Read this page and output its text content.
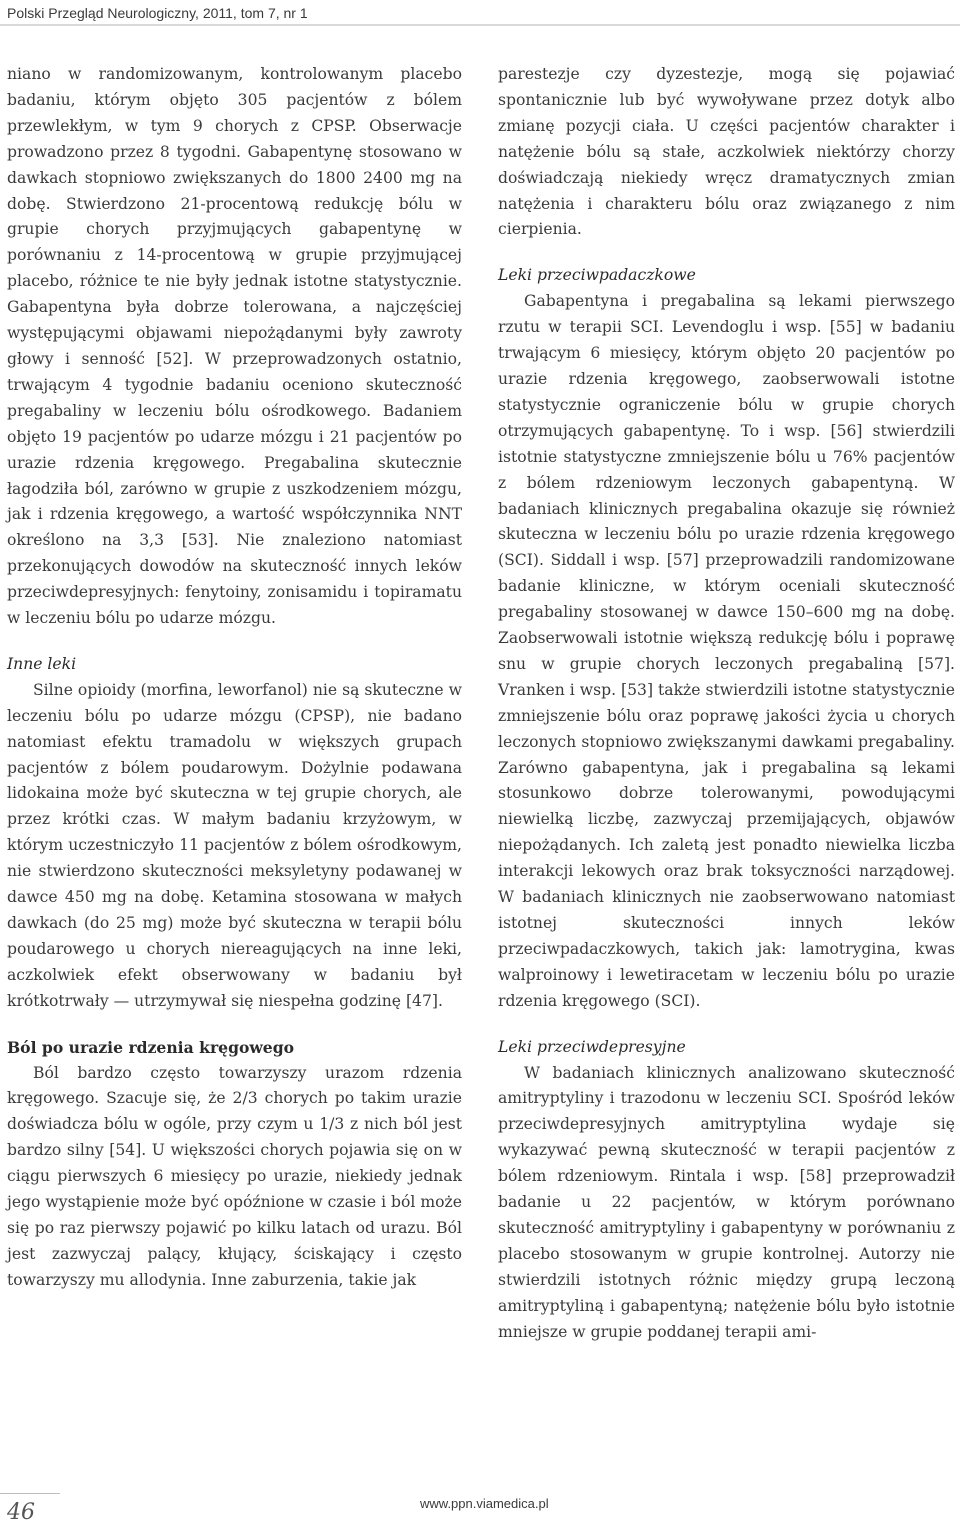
Polski Przegląd Neurologiczny, 2011, tom 7, nr 1

niano w randomizowanym, kontrolowanym placebo badaniu, którym objęto 305 pacjentów z bólem przewlekłym, w tym 9 chorych z CPSP. Obserwacje prowadzono przez 8 tygodni. Gabapentynę stosowano w dawkach stopniowo zwiększanych do 1800 2400 mg na dobę. Stwierdzono 21-procentową redukcję bólu w grupie chorych przyjmujących gabapentynę w porównaniu z 14-procentową w grupie przyjmującej placebo, różnice te nie były jednak istotne statystycznie. Gabapentyna była dobrze tolerowana, a najczęściej występującymi objawami niepożądanymi były zawroty głowy i senność [52]. W przeprowadzonych ostatnio, trwającym 4 tygodnie badaniu oceniono skuteczność pregabaliny w leczeniu bólu ośrodkowego. Badaniem objęto 19 pacjentów po udarze mózgu i 21 pacjentów po urazie rdzenia kręgowego. Pregabalina skutecznie łagodziła ból, zarówno w grupie z uszkodzeniem mózgu, jak i rdzenia kręgowego, a wartość współczynnika NNT określono na 3,3 [53]. Nie znaleziono natomiast przekonujących dowodów na skuteczność innych leków przeciwdepresyjnych: fenytoiny, zonisamidu i topiramatu w leczeniu bólu po udarze mózgu.

Inne leki

Silne opioidy (morfina, leworfanol) nie są skuteczne w leczeniu bólu po udarze mózgu (CPSP), nie badano natomiast efektu tramadolu w większych grupach pacjentów z bólem poudarowym. Dożylnie podawana lidokaina może być skuteczna w tej grupie chorych, ale przez krótki czas. W małym badaniu krzyżowym, w którym uczestniczyło 11 pacjentów z bólem ośrodkowym, nie stwierdzono skuteczności meksyletyny podawanej w dawce 450 mg na dobę. Ketamina stosowana w małych dawkach (do 25 mg) może być skuteczna w terapii bólu poudarowego u chorych niereagujących na inne leki, aczkolwiek efekt obserwowany w badaniu był krótkotrwały — utrzymywał się niespełna godzinę [47].

Ból po urazie rdzenia kręgowego

Ból bardzo często towarzyszy urazom rdzenia kręgowego. Szacuje się, że 2/3 chorych po takim urazie doświadcza bólu w ogóle, przy czym u 1/3 z nich ból jest bardzo silny [54]. U większości chorych pojawia się on w ciągu pierwszych 6 miesięcy po urazie, niekiedy jednak jego wystąpienie może być opóźnione w czasie i ból może się po raz pierwszy pojawić po kilku latach od urazu. Ból jest zazwyczaj palący, kłujący, ściskający i często towarzyszy mu allodynia. Inne zaburzenia, takie jak

parestezje czy dyzestezje, mogą się pojawiać spontanicznie lub być wywoływane przez dotyk albo zmianę pozycji ciała. U części pacjentów charakter i natężenie bólu są stałe, aczkolwiek niektórzy chorzy doświadczają niekiedy wręcz dramatycznych zmian natężenia i charakteru bólu oraz związanego z nim cierpienia.

Leki przeciwpadaczkowe

Gabapentyna i pregabalina są lekami pierwszego rzutu w terapii SCI. Levendoglu i wsp. [55] w badaniu trwającym 6 miesięcy, którym objęto 20 pacjentów po urazie rdzenia kręgowego, zaobserwowali istotne statystycznie ograniczenie bólu w grupie chorych otrzymujących gabapentynę. To i wsp. [56] stwierdzili istotnie statystyczne zmniejszenie bólu u 76% pacjentów z bólem rdzeniowym leczonych gabapentyną. W badaniach klinicznych pregabalina okazuje się również skuteczna w leczeniu bólu po urazie rdzenia kręgowego (SCI). Siddall i wsp. [57] przeprowadzili randomizowane badanie kliniczne, w którym oceniali skuteczność pregabaliny stosowanej w dawce 150–600 mg na dobę. Zaobserwowali istotnie większą redukcję bólu i poprawę snu w grupie chorych leczonych pregabaliną [57]. Vranken i wsp. [53] także stwierdzili istotne statystycznie zmniejszenie bólu oraz poprawę jakości życia u chorych leczonych stopniowo zwiększanymi dawkami pregabaliny. Zarówno gabapentyna, jak i pregabalina są lekami stosunkowo dobrze tolerowanymi, powodującymi niewielką liczbę, zazwyczaj przemijających, objawów niepożądanych. Ich zaletą jest ponadto niewielka liczba interakcji lekowych oraz brak toksyczności narządowej. W badaniach klinicznych nie zaobserwowano natomiast istotnej skuteczności innych leków przeciwpadaczkowych, takich jak: lamotrygina, kwas walproinowy i lewetiracetam w leczeniu bólu po urazie rdzenia kręgowego (SCI).

Leki przeciwdepresyjne

W badaniach klinicznych analizowano skuteczność amitryptyliny i trazodonu w leczeniu SCI. Spośród leków przeciwdepresyjnych amitryptylina wydaje się wykazywać pewną skuteczność w terapii pacjentów z bólem rdzeniowym. Rintala i wsp. [58] przeprowadził badanie u 22 pacjentów, w którym porównano skuteczność amitryptyliny i gabapentyny w porównaniu z placebo stosowanym w grupie kontrolnej. Autorzy nie stwierdzili istotnych różnic między grupą leczoną amitryptyliną i gabapentyną; natężenie bólu było istotnie mniejsze w grupie poddanej terapii ami-

46	www.ppn.viamedica.pl
